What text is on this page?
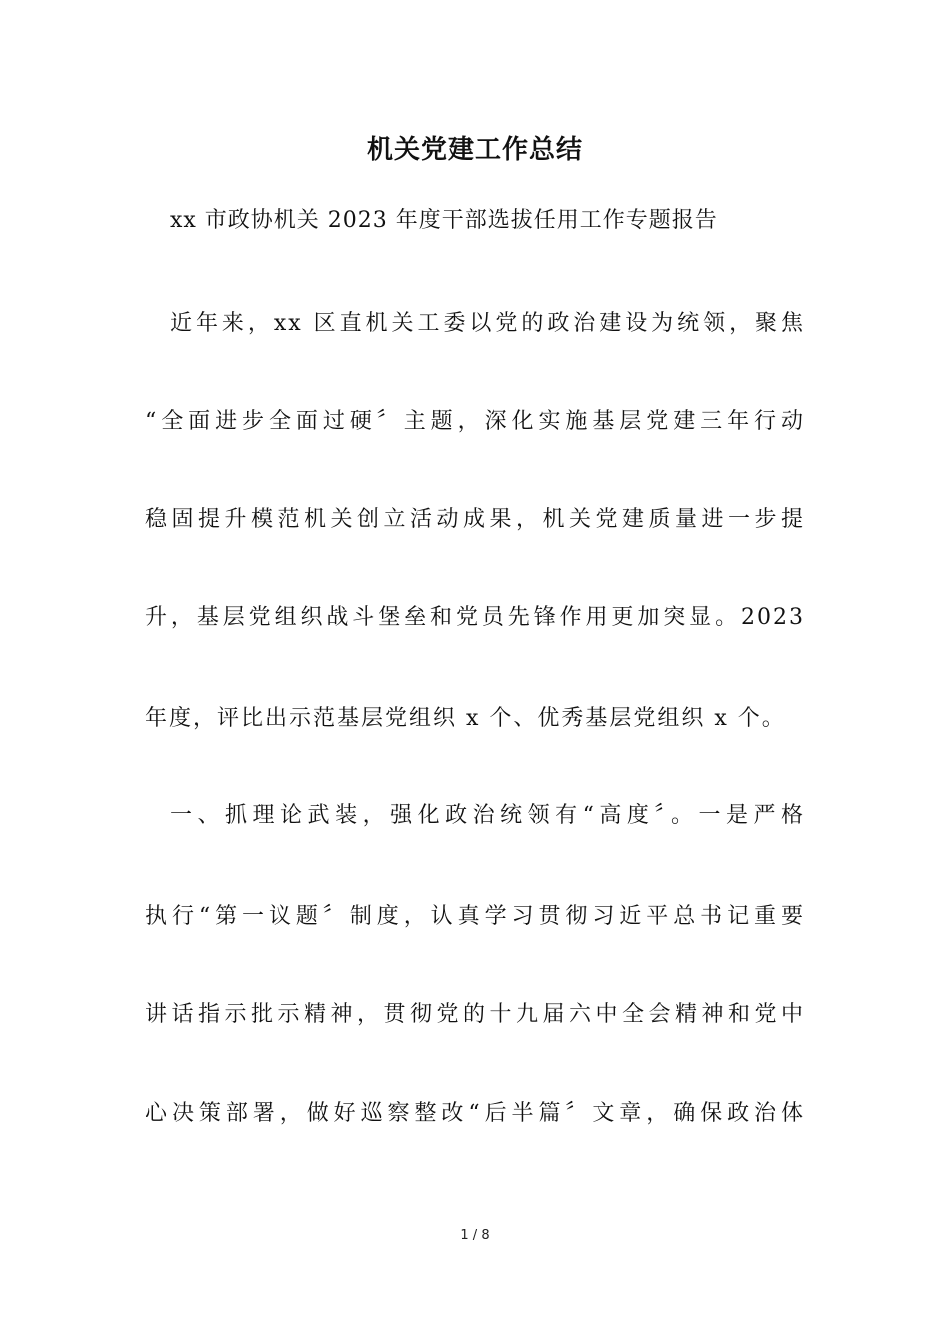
机关党建工作总结
xx 市政协机关 2023 年度干部选拔任用工作专题报告
近年来，xx 区直机关工委以党的政治建设为统领，聚焦
“全面进步全面过硬〞主题，深化实施基层党建三年行动
稳固提升模范机关创立活动成果，机关党建质量进一步提
升，基层党组织战斗堡垒和党员先锋作用更加突显。2023
年度，评比出示范基层党组织 x 个、优秀基层党组织 x 个。
一、抓理论武装，强化政治统领有“高度〞。一是严格
执行“第一议题〞制度，认真学习贯彻习近平总书记重要
讲话指示批示精神，贯彻党的十九届六中全会精神和党中
心决策部署，做好巡察整改“后半篇〞文章，确保政治体
1 / 8
